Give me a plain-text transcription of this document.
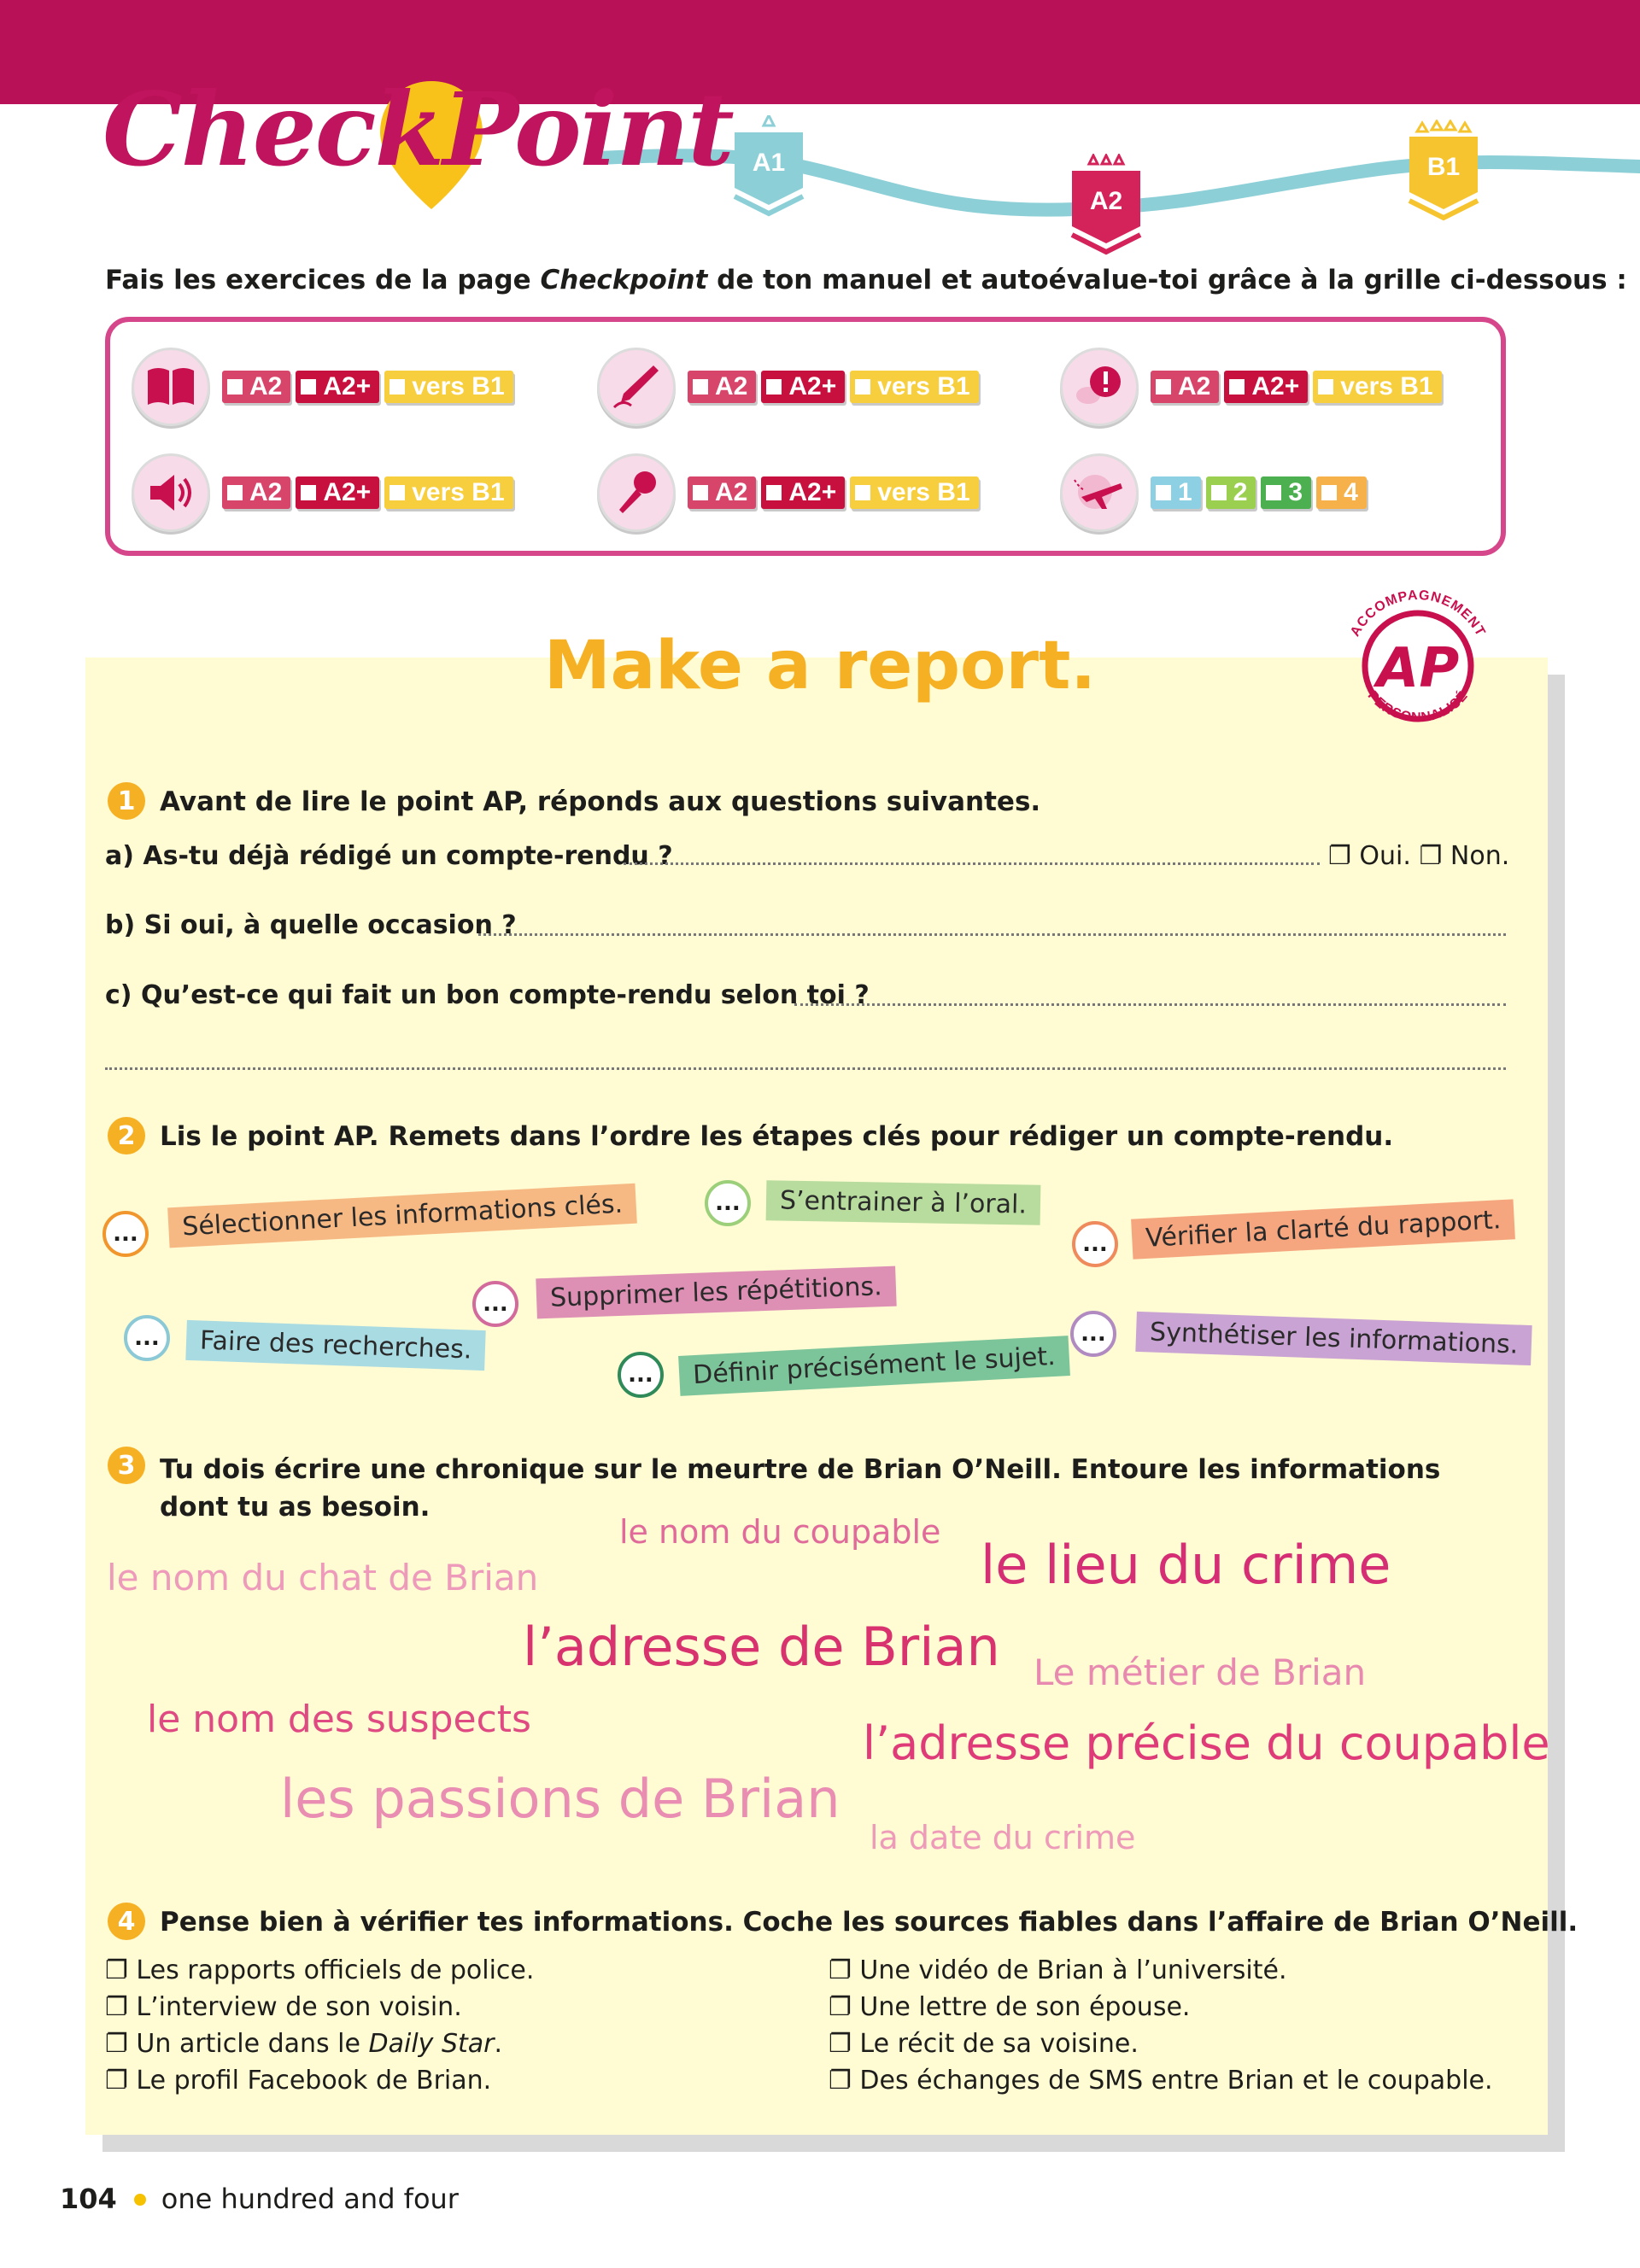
A1
A2
B1
CheckPoint
Fais les exercices de la page Checkpoint de ton manuel et autoévalue-toi grâce à la grille ci-dessous :
A2 A2+ vers B1	A2 A2+ vers B1	A2 A2+ vers B1
A2 A2+ vers B1	A2 A2+ vers B1	1 2 3 4
ACCOMPAGNEMENT
PERSONNALISÉ
AP
Make a report.
1 Avant de lire le point AP, réponds aux questions suivantes.
a) As-tu déjà rédigé un compte-rendu ?	❐ Oui. ❐ Non.
b) Si oui, à quelle occasion ?
c) Qu’est-ce qui fait un bon compte-rendu selon toi ?
2 Lis le point AP. Remets dans l’ordre les étapes clés pour rédiger un compte-rendu.
...	Sélectionner les informations clés.	...	S’entrainer à l’oral.
...	Vérifier la clarté du rapport.
...	Supprimer les répétitions.
...	Faire des recherches.
...	Définir précisément le sujet.
...	Synthétiser les informations.
3 Tu dois écrire une chronique sur le meurtre de Brian O’Neill. Entoure les informations dont tu as besoin.
le nom du coupable
le nom du chat de Brian	le lieu du crime
l’adresse de Brian Le métier de Brian
le nom des suspects	l’adresse précise du coupable
les passions de Brian
la date du crime
4 Pense bien à vérifier tes informations. Coche les sources fiables dans l’affaire de Brian O’Neill.
❐ Les rapports officiels de police.
❐ L’interview de son voisin.
❐ Un article dans le Daily Star.
❐ Le profil Facebook de Brian.
❐ Une vidéo de Brian à l’université.
❐ Une lettre de son épouse.
❐ Le récit de sa voisine.
❐ Des échanges de SMS entre Brian et le coupable.
104 one hundred and four
